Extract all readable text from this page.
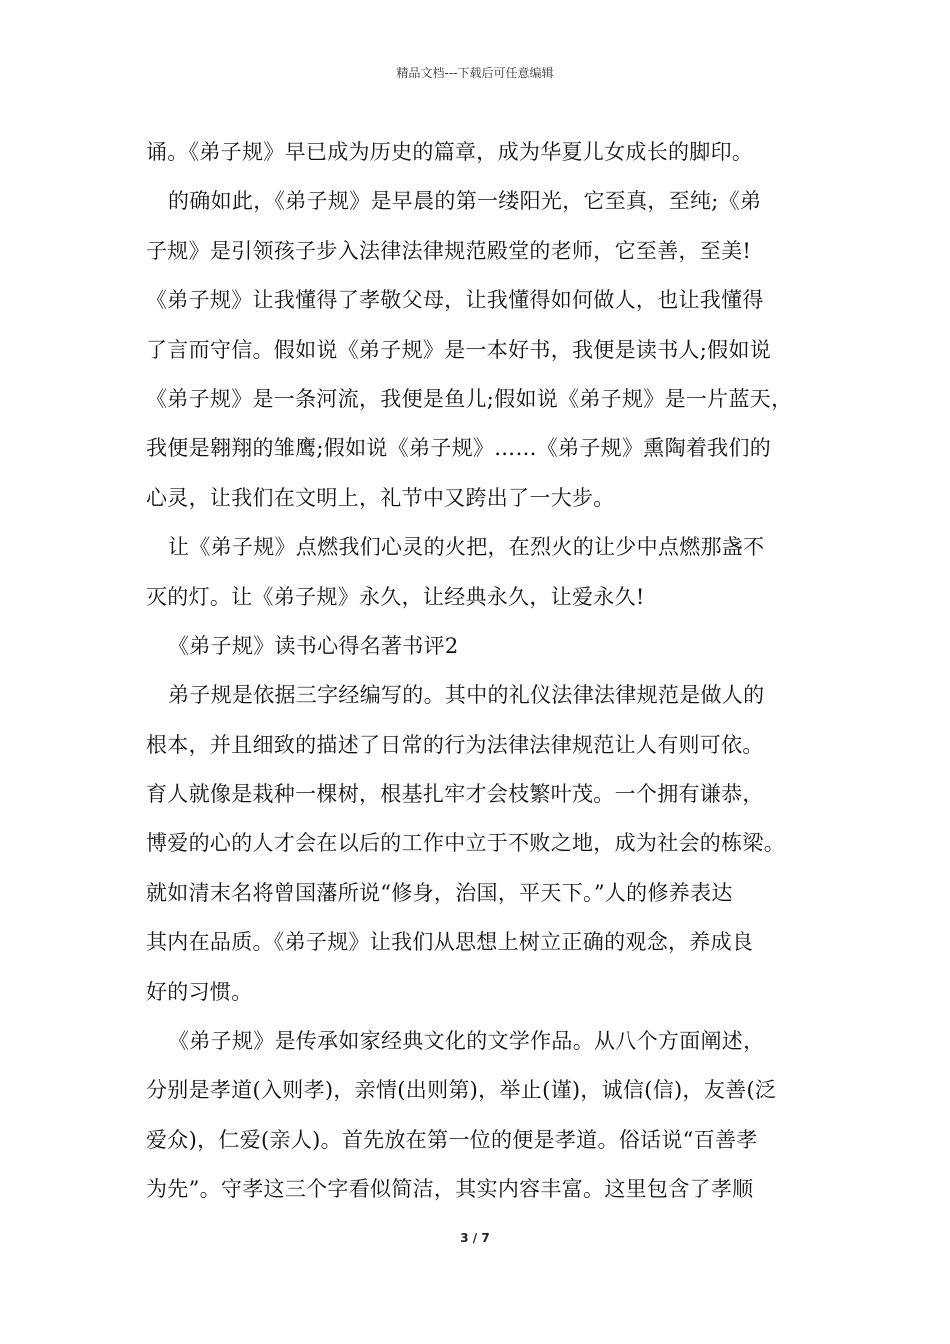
精品文档---下载后可任意编辑
诵。《弟子规》早已成为历史的篇章，成为华夏儿女成长的脚印。
的确如此，《弟子规》是早晨的第一缕阳光，它至真，至纯;《弟
子规》是引领孩子步入法律法律规范殿堂的老师，它至善，至美!
《弟子规》让我懂得了孝敬父母，让我懂得如何做人，也让我懂得
了言而守信。假如说《弟子规》是一本好书，我便是读书人;假如说
《弟子规》是一条河流，我便是鱼儿;假如说《弟子规》是一片蓝天，
我便是翱翔的雏鹰;假如说《弟子规》……《弟子规》熏陶着我们的
心灵，让我们在文明上，礼节中又跨出了一大步。
让《弟子规》点燃我们心灵的火把，在烈火的让少中点燃那盏不
灭的灯。让《弟子规》永久，让经典永久，让爱永久!
《弟子规》读书心得名著书评2
弟子规是依据三字经编写的。其中的礼仪法律法律规范是做人的
根本，并且细致的描述了日常的行为法律法律规范让人有则可依。
育人就像是栽种一棵树，根基扎牢才会枝繁叶茂。一个拥有谦恭，
博爱的心的人才会在以后的工作中立于不败之地，成为社会的栋梁。
就如清末名将曾国藩所说“修身，治国，平天下。”人的修养表达
其内在品质。《弟子规》让我们从思想上树立正确的观念，养成良
好的习惯。
《弟子规》是传承如家经典文化的文学作品。从八个方面阐述，
分别是孝道(入则孝)，亲情(出则第)，举止(谨)，诚信(信)，友善(泛
爱众)，仁爱(亲人)。首先放在第一位的便是孝道。俗话说“百善孝
为先”。守孝这三个字看似简洁，其实内容丰富。这里包含了孝顺
3 / 7
